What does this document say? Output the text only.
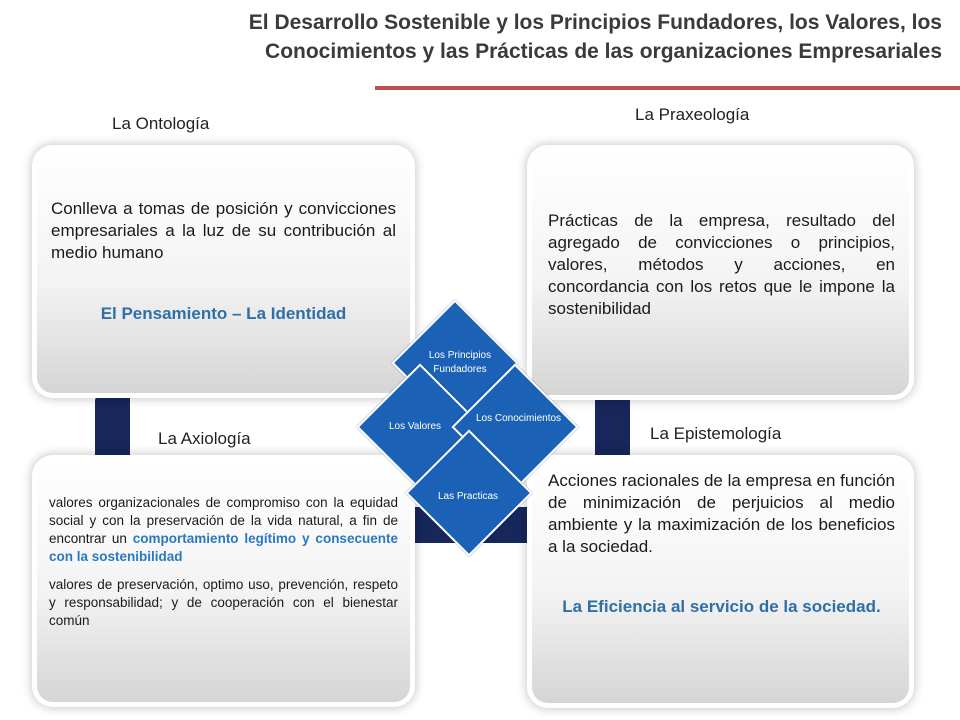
El Desarrollo Sostenible y los Principios Fundadores, los Valores, los
Conocimientos y las Prácticas de las organizaciones Empresariales
La Ontología	La Praxeología
La Axiología	La Epistemología
Conlleva a tomas de posición y convicciones empresariales a la luz de su contribución al medio humano
El Pensamiento – La Identidad
Prácticas de la empresa, resultado del agregado de convicciones o principios, valores, métodos y acciones, en concordancia con los retos que le impone la sostenibilidad
valores organizacionales de compromiso con la equidad social y con la preservación de la vida natural, a fin de encontrar un comportamiento legítimo y consecuente con la sostenibilidad
valores de preservación, optimo uso, prevención, respeto y responsabilidad; y de cooperación con el bienestar común
Acciones racionales de la empresa en función de minimización de perjuicios al medio ambiente y la maximización de los beneficios a la sociedad.
La Eficiencia al servicio de la sociedad.
Los Principios
Fundadores
Los Valores
Los Conocimientos
Las Practicas
